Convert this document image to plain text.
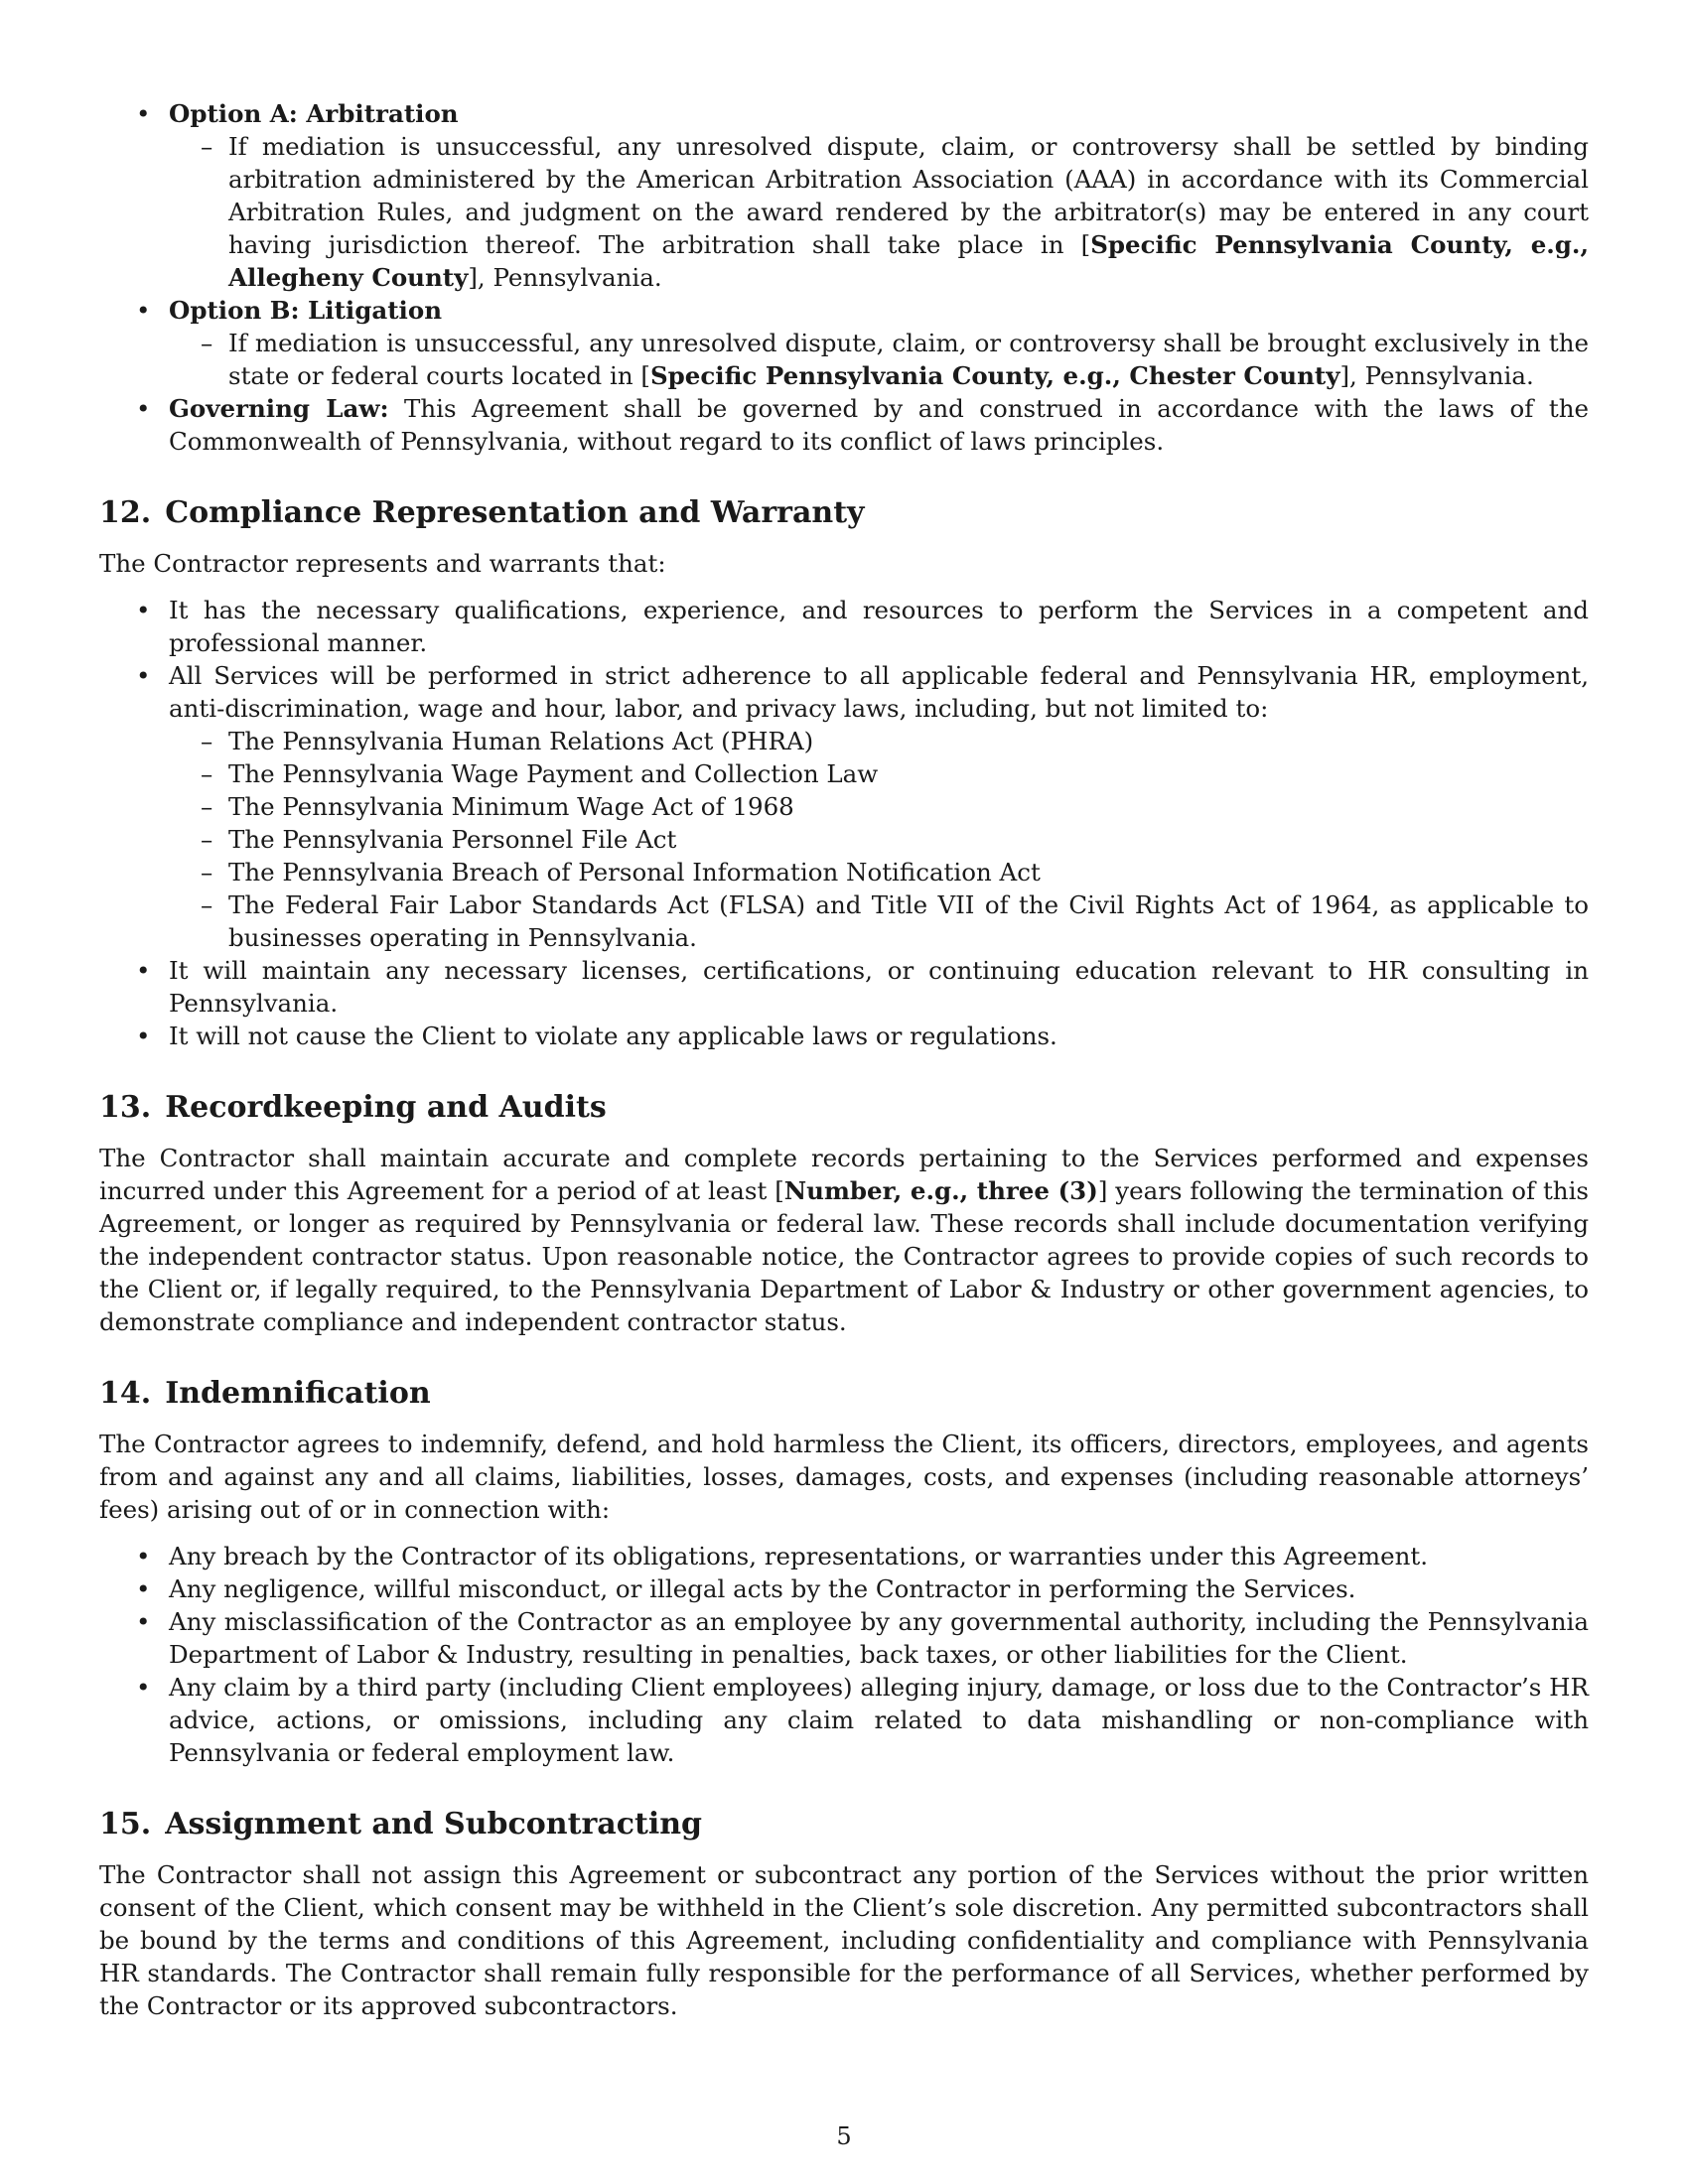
• Option A: Arbitration
– If mediation is unsuccessful, any unresolved dispute, claim, or controversy shall be settled by binding arbitration administered by the American Arbitration Association (AAA) in accordance with its Commercial Arbitration Rules, and judgment on the award rendered by the arbitrator(s) may be entered in any court having jurisdiction thereof. The arbitration shall take place in [Specific Pennsylvania County, e.g., Allegheny County], Pennsylvania.
• Option B: Litigation
– If mediation is unsuccessful, any unresolved dispute, claim, or controversy shall be brought exclusively in the state or federal courts located in [Specific Pennsylvania County, e.g., Chester County], Pennsylvania.
• Governing Law: This Agreement shall be governed by and construed in accordance with the laws of the Commonwealth of Pennsylvania, without regard to its conflict of laws principles.
12. Compliance Representation and Warranty

The Contractor represents and warrants that:

• It has the necessary qualifications, experience, and resources to perform the Services in a competent and professional manner.
• All Services will be performed in strict adherence to all applicable federal and Pennsylvania HR, employment, anti-discrimination, wage and hour, labor, and privacy laws, including, but not limited to:
– The Pennsylvania Human Relations Act (PHRA)
– The Pennsylvania Wage Payment and Collection Law
– The Pennsylvania Minimum Wage Act of 1968
– The Pennsylvania Personnel File Act
– The Pennsylvania Breach of Personal Information Notification Act
– The Federal Fair Labor Standards Act (FLSA) and Title VII of the Civil Rights Act of 1964, as applicable to businesses operating in Pennsylvania.
• It will maintain any necessary licenses, certifications, or continuing education relevant to HR consulting in Pennsylvania.
• It will not cause the Client to violate any applicable laws or regulations.
13. Recordkeeping and Audits

The Contractor shall maintain accurate and complete records pertaining to the Services performed and expenses incurred under this Agreement for a period of at least [Number, e.g., three (3)] years following the termination of this Agreement, or longer as required by Pennsylvania or federal law. These records shall include documentation verifying the independent contractor status. Upon reasonable notice, the Contractor agrees to provide copies of such records to the Client or, if legally required, to the Pennsylvania Department of Labor & Industry or other government agencies, to demonstrate compliance and independent contractor status.

14. Indemnification

The Contractor agrees to indemnify, defend, and hold harmless the Client, its officers, directors, employees, and agents from and against any and all claims, liabilities, losses, damages, costs, and expenses (including reasonable attorneys’ fees) arising out of or in connection with:

• Any breach by the Contractor of its obligations, representations, or warranties under this Agreement.
• Any negligence, willful misconduct, or illegal acts by the Contractor in performing the Services.
• Any misclassification of the Contractor as an employee by any governmental authority, including the Pennsylvania Department of Labor & Industry, resulting in penalties, back taxes, or other liabilities for the Client.
• Any claim by a third party (including Client employees) alleging injury, damage, or loss due to the Contractor’s HR advice, actions, or omissions, including any claim related to data mishandling or non-compliance with Pennsylvania or federal employment law.
15. Assignment and Subcontracting

The Contractor shall not assign this Agreement or subcontract any portion of the Services without the prior written consent of the Client, which consent may be withheld in the Client’s sole discretion. Any permitted subcontractors shall be bound by the terms and conditions of this Agreement, including confidentiality and compliance with Pennsylvania HR standards. The Contractor shall remain fully responsible for the performance of all Services, whether performed by the Contractor or its approved subcontractors.

5
